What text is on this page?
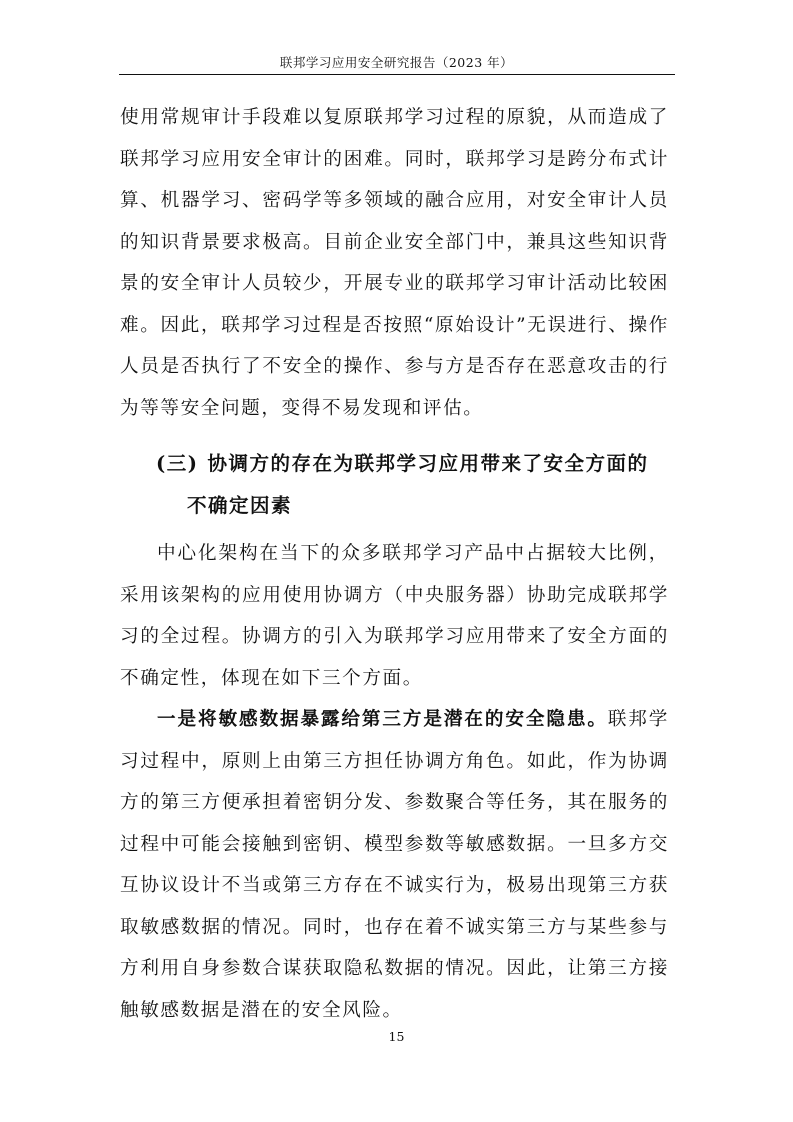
联邦学习应用安全研究报告（2023 年）

使用常规审计手段难以复原联邦学习过程的原貌，从而造成了联邦学习应用安全审计的困难。同时，联邦学习是跨分布式计算、机器学习、密码学等多领域的融合应用，对安全审计人员的知识背景要求极高。目前企业安全部门中，兼具这些知识背景的安全审计人员较少，开展专业的联邦学习审计活动比较困难。因此，联邦学习过程是否按照“原始设计”无误进行、操作人员是否执行了不安全的操作、参与方是否存在恶意攻击的行为等等安全问题，变得不易发现和评估。

(三) 协调方的存在为联邦学习应用带来了安全方面的
不确定因素

中心化架构在当下的众多联邦学习产品中占据较大比例，采用该架构的应用使用协调方（中央服务器）协助完成联邦学习的全过程。协调方的引入为联邦学习应用带来了安全方面的不确定性，体现在如下三个方面。

一是将敏感数据暴露给第三方是潜在的安全隐患。联邦学习过程中，原则上由第三方担任协调方角色。如此，作为协调方的第三方便承担着密钥分发、参数聚合等任务，其在服务的过程中可能会接触到密钥、模型参数等敏感数据。一旦多方交互协议设计不当或第三方存在不诚实行为，极易出现第三方获取敏感数据的情况。同时，也存在着不诚实第三方与某些参与方利用自身参数合谋获取隐私数据的情况。因此，让第三方接触敏感数据是潜在的安全风险。

15
